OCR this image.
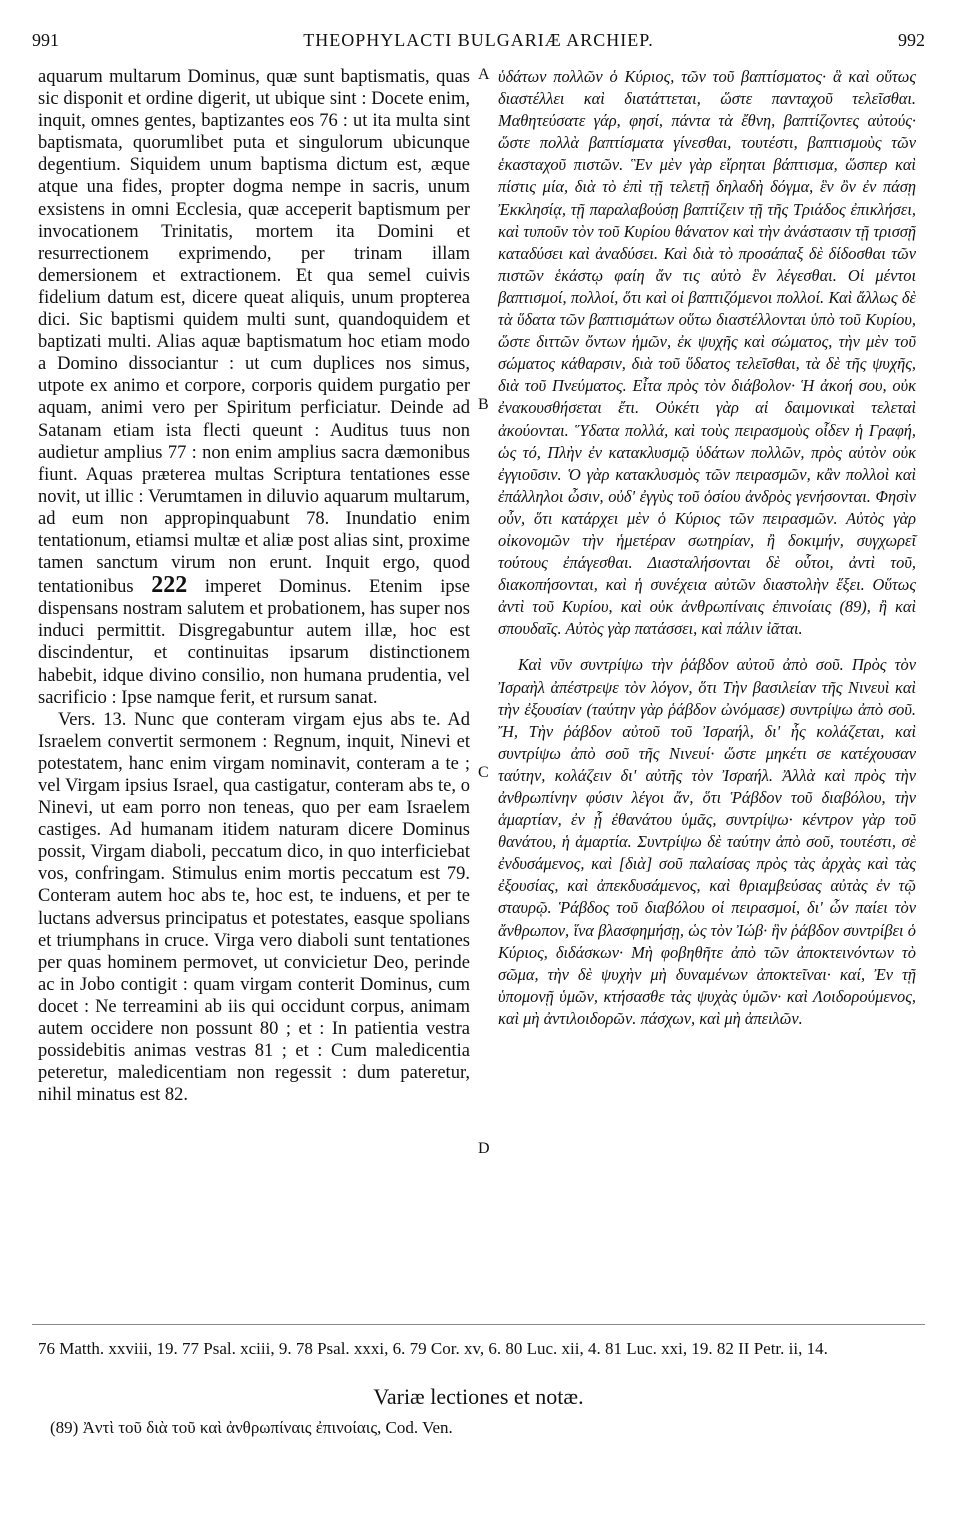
991	THEOPHYLACTI BULGARIÆ ARCHIEP.	992

aquarum multarum Dominus, quæ sunt baptismatis, quas sic disponit et ordine digerit, ut ubique sint : Docete enim, inquit, omnes gentes, baptizantes eos 76 : ut ita multa sint baptismata, quorumlibet puta et singulorum ubicunque degentium. Siquidem unum baptisma dictum est, æque atque una fides, propter dogma nempe in sacris, unum exsistens in omni Ecclesia, quæ acceperit baptismum per invocationem Trinitatis, mortem ita Domini et resurrectionem exprimendo, per trinam illam demersionem et extractionem. Et qua semel cuivis fidelium datum est, dicere queat aliquis, unum propterea dici. Sic baptismi quidem multi sunt, quandoquidem et baptizati multi. Alias aquæ baptismatum hoc etiam modo a Domino dissociantur : ut cum duplices nos simus, utpote ex animo et corpore, corporis quidem purgatio per aquam, animi vero per Spiritum perficiatur. Deinde ad Satanam etiam ista flecti queunt : Auditus tuus non audietur amplius 77 : non enim amplius sacra dæmonibus fiunt. Aquas præterea multas Scriptura tentationes esse novit, ut illic : Verumtamen in diluvio aquarum multarum, ad eum non appropinquabunt 78. Inundatio enim tentationum, etiamsi multæ et aliæ post alias sint, proxime tamen sanctum virum non erunt. Inquit ergo, quod tentationibus 222 imperet Dominus. Etenim ipse dispensans nostram salutem et probationem, has super nos induci permittit. Disgregabuntur autem illæ, hoc est discindentur, et continuitas ipsarum distinctionem habebit, idque divino consilio, non humana prudentia, vel sacrificio : Ipse namque ferit, et rursum sanat.

Vers. 13. Nunc que conteram virgam ejus abs te. Ad Israelem convertit sermonem : Regnum, inquit, Ninevi et potestatem, hanc enim virgam nominavit, conteram a te ; vel Virgam ipsius Israel, qua castigatur, conteram abs te, o Ninevi, ut eam porro non teneas, quo per eam Israelem castiges. Ad humanam itidem naturam dicere Dominus possit, Virgam diaboli, peccatum dico, in quo interficiebat vos, confringam. Stimulus enim mortis peccatum est 79. Conteram autem hoc abs te, hoc est, te induens, et per te luctans adversus principatus et potestates, easque spolians et triumphans in cruce. Virga vero diaboli sunt tentationes per quas hominem permovet, ut convicietur Deo, perinde ac in Jobo contigit : quam virgam conterit Dominus, cum docet : Ne terreamini ab iis qui occidunt corpus, animam autem occidere non possunt 80 ; et : In patientia vestra possidebitis animas vestras 81 ; et : Cum maledicentia peteretur, maledicentiam non regessit : dum pateretur, nihil minatus est 82.

A
B
C
D

ὑδάτων πολλῶν ὁ Κύριος, τῶν τοῦ βαπτίσματος· ἃ καὶ οὕτως διαστέλλει καὶ διατάττεται, ὥστε πανταχοῦ τελεῖσθαι. Μαθητεύσατε γάρ, φησί, πάντα τὰ ἔθνη, βαπτίζοντες αὐτούς· ὥστε πολλὰ βαπτίσματα γίνεσθαι, τουτέστι, βαπτισμοὺς τῶν ἑκασταχοῦ πιστῶν. Ἓν μὲν γὰρ εἴρηται βάπτισμα, ὥσπερ καὶ πίστις μία, διὰ τὸ ἐπὶ τῇ τελετῇ δηλαδὴ δόγμα, ἓν ὂν ἐν πάσῃ Ἐκκλησίᾳ, τῇ παραλαβούσῃ βαπτίζειν τῇ τῆς Τριάδος ἐπικλήσει, καὶ τυποῦν τὸν τοῦ Κυρίου θάνατον καὶ τὴν ἀνάστασιν τῇ τρισσῇ καταδύσει καὶ ἀναδύσει. Καὶ διὰ τὸ προσάπαξ δὲ δίδοσθαι τῶν πιστῶν ἑκάστῳ φαίη ἄν τις αὐτὸ ἓν λέγεσθαι. Οἱ μέντοι βαπτισμοί, πολλοί, ὅτι καὶ οἱ βαπτιζόμενοι πολλοί. Καὶ ἄλλως δὲ τὰ ὕδατα τῶν βαπτισμάτων οὕτω διαστέλλονται ὑπὸ τοῦ Κυρίου, ὥστε διττῶν ὄντων ἡμῶν, ἐκ ψυχῆς καὶ σώματος, τὴν μὲν τοῦ σώματος κάθαρσιν, διὰ τοῦ ὕδατος τελεῖσθαι, τὰ δὲ τῆς ψυχῆς, διὰ τοῦ Πνεύματος. Εἶτα πρὸς τὸν διάβολον· Ἡ ἀκοή σου, οὐκ ἐνακουσθήσεται ἔτι. Οὐκέτι γὰρ αἱ δαιμονικαὶ τελεταὶ ἀκούονται. Ὕδατα πολλά, καὶ τοὺς πειρασμοὺς οἶδεν ἡ Γραφή, ὡς τό, Πλὴν ἐν κατακλυσμῷ ὑδάτων πολλῶν, πρὸς αὐτὸν οὐκ ἐγγιοῦσιν. Ὁ γὰρ κατακλυσμὸς τῶν πειρασμῶν, κἂν πολλοὶ καὶ ἐπάλληλοι ὦσιν, οὐδ' ἐγγὺς τοῦ ὁσίου ἀνδρὸς γενήσονται. Φησὶν οὖν, ὅτι κατάρχει μὲν ὁ Κύριος τῶν πειρασμῶν. Αὐτὸς γὰρ οἰκονομῶν τὴν ἡμετέραν σωτηρίαν, ἢ δοκιμήν, συγχωρεῖ τούτους ἐπάγεσθαι. Διασταλήσονται δὲ οὗτοι, ἀντὶ τοῦ, διακοπήσονται, καὶ ἡ συνέχεια αὐτῶν διαστολὴν ἕξει. Οὕτως ἀντὶ τοῦ Κυρίου, καὶ οὐκ ἀνθρωπίναις ἐπινοίαις (89), ἢ καὶ σπουδαῖς. Αὐτὸς γὰρ πατάσσει, καὶ πάλιν ἰᾶται.

Καὶ νῦν συντρίψω τὴν ῥάβδον αὐτοῦ ἀπὸ σοῦ. Πρὸς τὸν Ἰσραὴλ ἀπέστρεψε τὸν λόγον, ὅτι Τὴν βασιλείαν τῆς Νινευὶ καὶ τὴν ἐξουσίαν (ταύτην γὰρ ῥάβδον ὠνόμασε) συντρίψω ἀπὸ σοῦ. Ἤ, Τὴν ῥάβδον αὐτοῦ τοῦ Ἰσραήλ, δι' ἧς κολάζεται, καὶ συντρίψω ἀπὸ σοῦ τῆς Νινευί· ὥστε μηκέτι σε κατέχουσαν ταύτην, κολάζειν δι' αὐτῆς τὸν Ἰσραήλ. Ἀλλὰ καὶ πρὸς τὴν ἀνθρωπίνην φύσιν λέγοι ἄν, ὅτι Ῥάβδον τοῦ διαβόλου, τὴν ἁμαρτίαν, ἐν ᾗ ἐθανάτου ὑμᾶς, συντρίψω· κέντρον γὰρ τοῦ θανάτου, ἡ ἁμαρτία. Συντρίψω δὲ ταύτην ἀπὸ σοῦ, τουτέστι, σὲ ἐνδυσάμενος, καὶ [διὰ] σοῦ παλαίσας πρὸς τὰς ἀρχὰς καὶ τὰς ἐξουσίας, καὶ ἀπεκδυσάμενος, καὶ θριαμβεύσας αὐτὰς ἐν τῷ σταυρῷ. Ῥάβδος τοῦ διαβόλου οἱ πειρασμοί, δι' ὧν παίει τὸν ἄνθρωπον, ἵνα βλασφημήσῃ, ὡς τὸν Ἰώβ· ἣν ῥάβδον συντρίβει ὁ Κύριος, διδάσκων· Μὴ φοβηθῆτε ἀπὸ τῶν ἀποκτεινόντων τὸ σῶμα, τὴν δὲ ψυχὴν μὴ δυναμένων ἀποκτεῖναι· καί, Ἐν τῇ ὑπομονῇ ὑμῶν, κτήσασθε τὰς ψυχὰς ὑμῶν· καὶ Λοιδορούμενος, καὶ μὴ ἀντιλοιδορῶν. πάσχων, καὶ μὴ ἀπειλῶν.

76 Matth. xxviii, 19. 77 Psal. xciii, 9. 78 Psal. xxxi, 6. 79 Cor. xv, 6. 80 Luc. xii, 4. 81 Luc. xxi, 19. 82 II Petr. ii, 14.
Variæ lectiones et notæ.
(89) Ἀντὶ τοῦ διὰ τοῦ καὶ ἀνθρωπίναις ἐπινοίαις, Cod. Ven.
